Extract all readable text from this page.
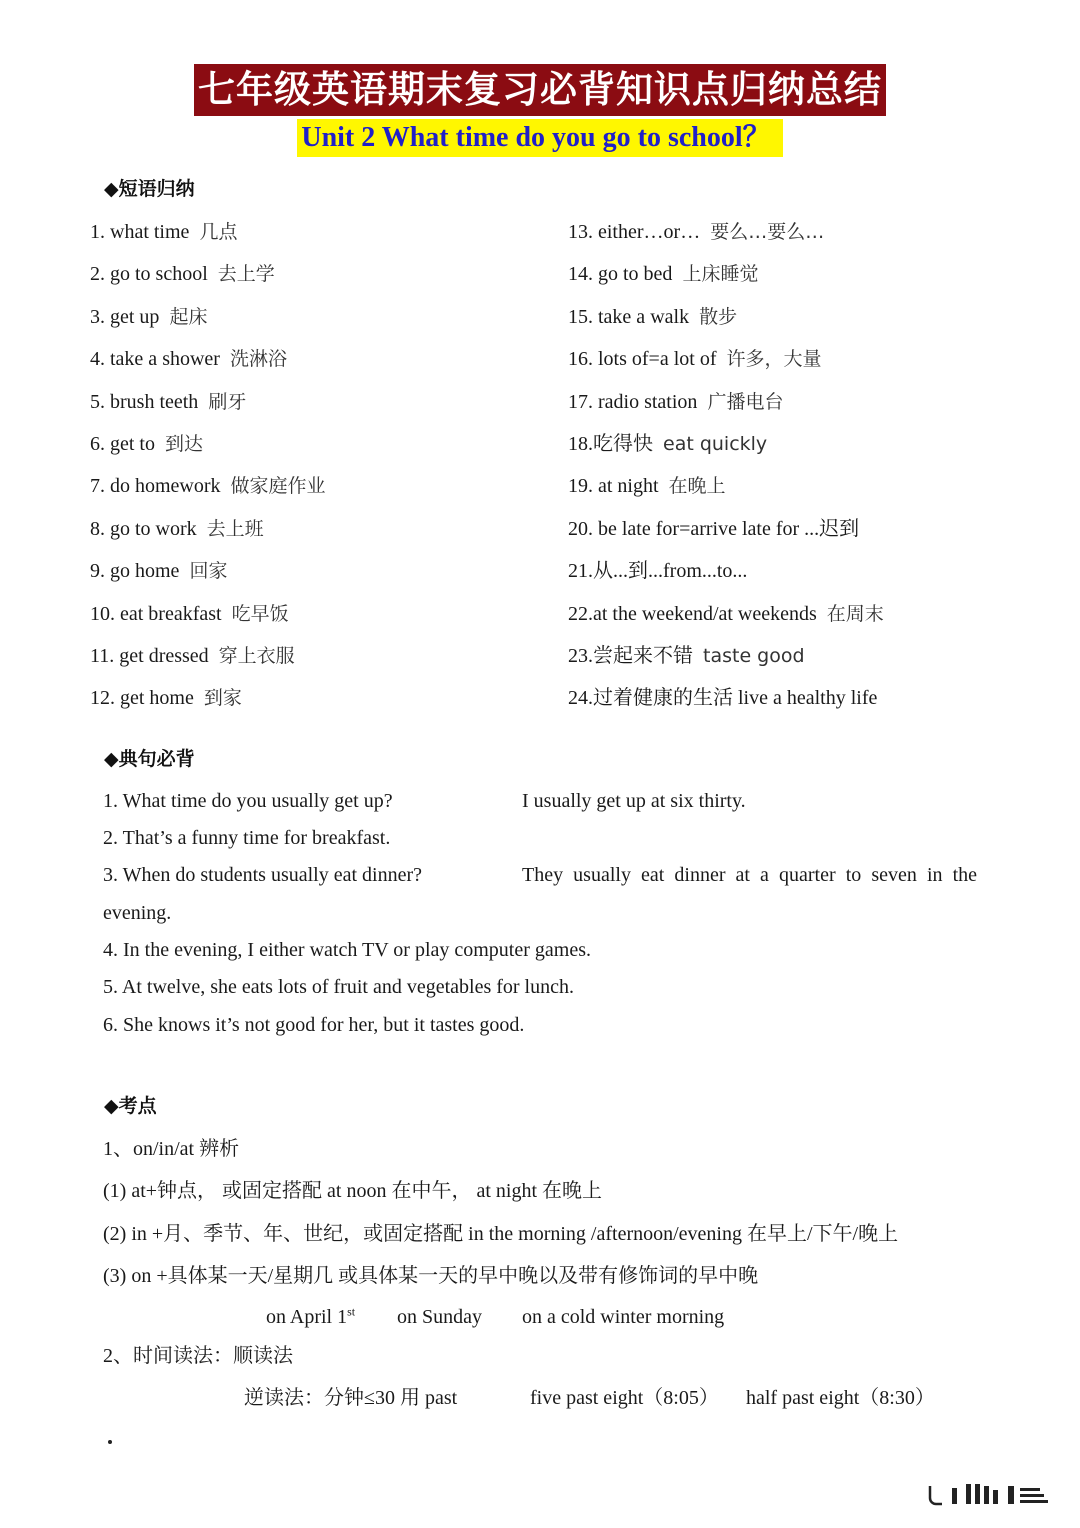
七年级英语期末复习必背知识点归纳总结
Unit 2 What time do you go to school？
◆短语归纳
1. what time 几点
2. go to school 去上学
3. get up 起床
4. take a shower 洗淋浴
5. brush teeth 刷牙
6. get to 到达
7. do homework 做家庭作业
8. go to work 去上班
9. go home 回家
10. eat breakfast 吃早饭
11. get dressed 穿上衣服
12. get home 到家
13. either…or… 要么…要么…
14. go to bed 上床睡觉
15. take a walk 散步
16. lots of=a lot of 许多，大量
17. radio station 广播电台
18.吃得快 eat quickly
19. at night 在晚上
20. be late for=arrive late for ...迟到
21.从...到...from...to...
22.at the weekend/at weekends 在周末
23.尝起来不错 taste good
24.过着健康的生活 live a healthy life
◆典句必背
1. What time do you usually get up?	I usually get up at six thirty.
2. That’s a funny time for breakfast.
3. When do students usually eat dinner?	They usually eat dinner at a quarter to seven in the
evening.
4. In the evening, I either watch TV or play computer games.
5. At twelve, she eats lots of fruit and vegetables for lunch.
6. She knows it’s not good for her, but it tastes good.
◆考点
1、on/in/at 辨析
(1) at+钟点， 或固定搭配 at noon 在中午， at night 在晚上
(2) in +月、季节、年、世纪，或固定搭配 in the morning /afternoon/evening 在早上/下午/晚上
(3) on +具体某一天/星期几 或具体某一天的早中晚以及带有修饰词的早中晚
on April 1st on Sunday on a cold winter morning
2、时间读法：顺读法
逆读法：分钟≤30 用 past	five past eight（8:05） half past eight（8:30）
